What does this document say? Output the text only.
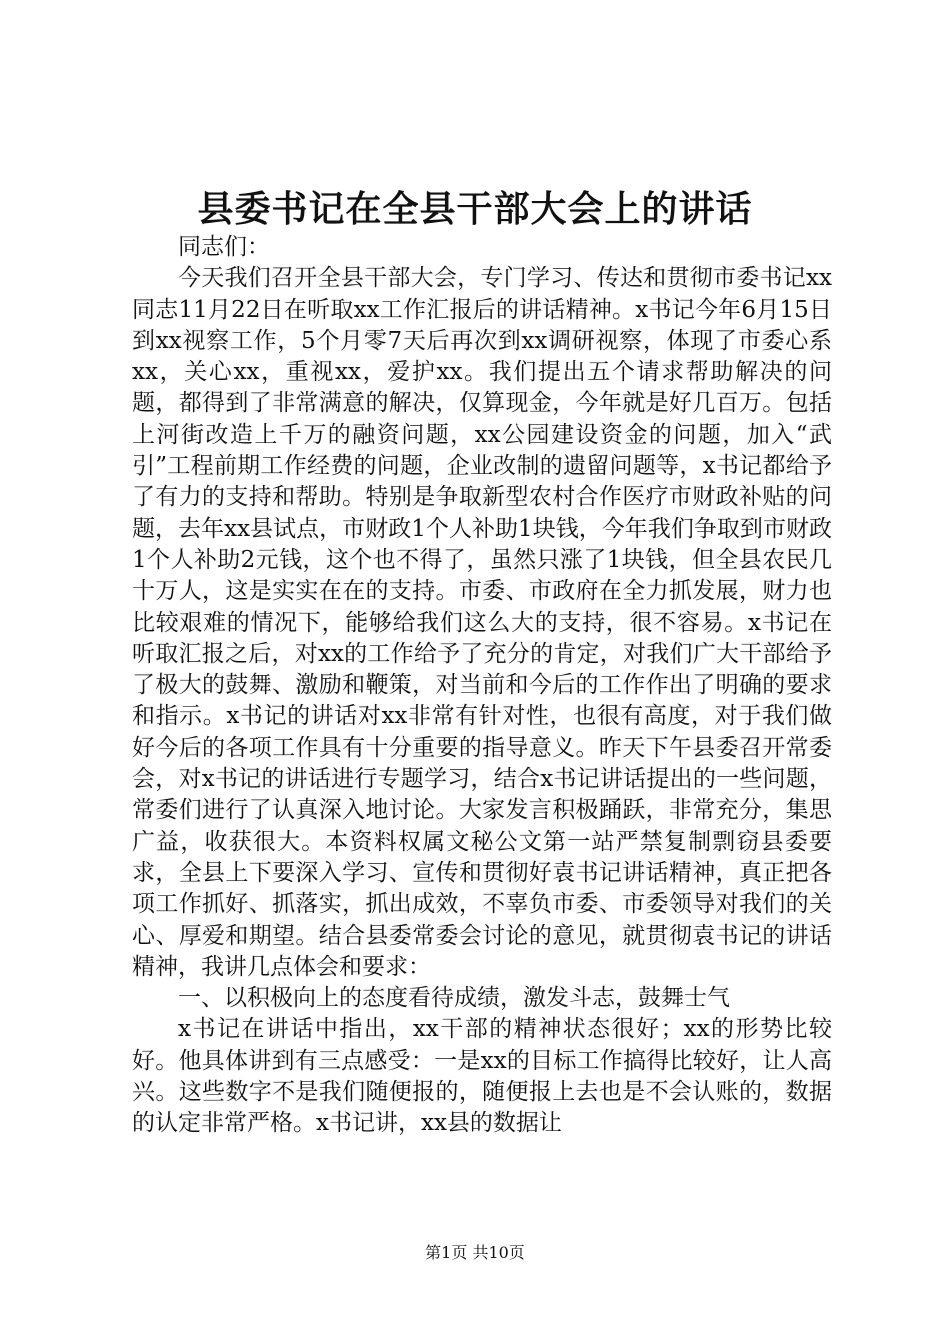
县委书记在全县干部大会上的讲话

同志们：

今天我们召开全县干部大会，专门学习、传达和贯彻市委书记xx同志11月22日在听取xx工作汇报后的讲话精神。x书记今年6月15日到xx视察工作，5个月零7天后再次到xx调研视察，体现了市委心系xx，关心xx，重视xx，爱护xx。我们提出五个请求帮助解决的问题，都得到了非常满意的解决，仅算现金，今年就是好几百万。包括上河街改造上千万的融资问题，xx公园建设资金的问题，加入“武引”工程前期工作经费的问题，企业改制的遗留问题等，x书记都给予了有力的支持和帮助。特别是争取新型农村合作医疗市财政补贴的问题，去年xx县试点，市财政1个人补助1块钱，今年我们争取到市财政1个人补助2元钱，这个也不得了，虽然只涨了1块钱，但全县农民几十万人，这是实实在在的支持。市委、市政府在全力抓发展，财力也比较艰难的情况下，能够给我们这么大的支持，很不容易。x书记在听取汇报之后，对xx的工作给予了充分的肯定，对我们广大干部给予了极大的鼓舞、激励和鞭策，对当前和今后的工作作出了明确的要求和指示。x书记的讲话对xx非常有针对性，也很有高度，对于我们做好今后的各项工作具有十分重要的指导意义。昨天下午县委召开常委会，对x书记的讲话进行专题学习，结合x书记讲话提出的一些问题，常委们进行了认真深入地讨论。大家发言积极踊跃，非常充分，集思广益，收获很大。本资料权属文秘公文第一站严禁复制剽窃县委要求，全县上下要深入学习、宣传和贯彻好袁书记讲话精神，真正把各项工作抓好、抓落实，抓出成效，不辜负市委、市委领导对我们的关心、厚爱和期望。结合县委常委会讨论的意见，就贯彻袁书记的讲话精神，我讲几点体会和要求：

一、以积极向上的态度看待成绩，激发斗志，鼓舞士气

x书记在讲话中指出，xx干部的精神状态很好；xx的形势比较好。他具体讲到有三点感受：一是xx的目标工作搞得比较好，让人高兴。这些数字不是我们随便报的，随便报上去也是不会认账的，数据的认定非常严格。x书记讲，xx县的数据让

第1页 共10页
